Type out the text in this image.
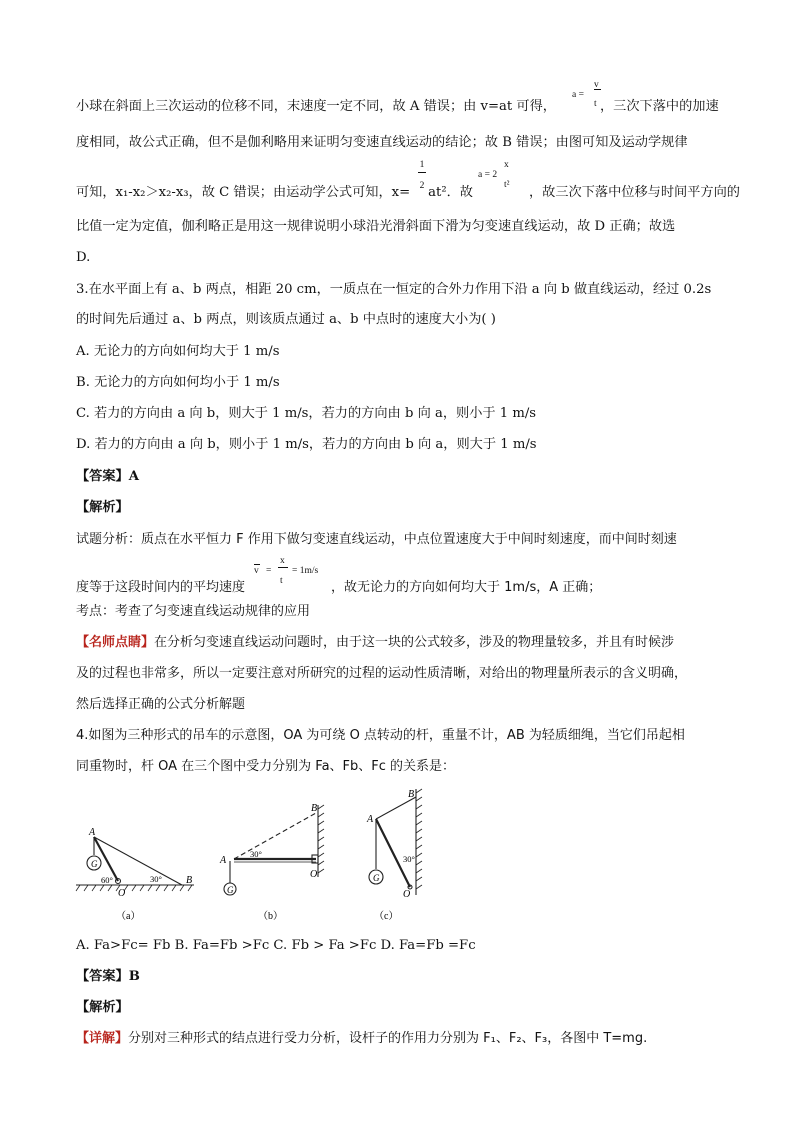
小球在斜面上三次运动的位移不同，末速度一定不同，故 A 错误；由 v=at 可得，
v
a =
t ，三次下落中的加速
度相同，故公式正确，但不是伽利略用来证明匀变速直线运动的结论；故 B 错误；由图可知及运动学规律
可知，x₁-x₂＞x₂-x₃，故 C 错误；由运动学公式可知，x= at²．故	，故三次下落中位移与时间平方向的
1
2
x
a = 2
t²
比值一定为定值，伽利略正是用这一规律说明小球沿光滑斜面下滑为匀变速直线运动，故 D 正确；故选
D.
3.在水平面上有 a、b 两点，相距 20 cm，一质点在一恒定的合外力作用下沿 a 向 b 做直线运动，经过 0.2s
的时间先后通过 a、b 两点，则该质点通过 a、b 中点时的速度大小为( )
A. 无论力的方向如何均大于 1 m/s
B. 无论力的方向如何均小于 1 m/s
C. 若力的方向由 a 向 b，则大于 1 m/s，若力的方向由 b 向 a，则小于 1 m/s
D. 若力的方向由 a 向 b，则小于 1 m/s，若力的方向由 b 向 a，则大于 1 m/s
【答案】A
【解析】
试题分析：质点在水平恒力 F 作用下做匀变速直线运动，中点位置速度大于中间时刻速度，而中间时刻速
度等于这段时间内的平均速度	，故无论力的方向如何均大于 1m/s，A 正确；
v =
x
t
= 1m/s
考点：考查了匀变速直线运动规律的应用
【名师点睛】在分析匀变速直线运动问题时，由于这一块的公式较多，涉及的物理量较多，并且有时候涉
及的过程也非常多，所以一定要注意对所研究的过程的运动性质清晰，对给出的物理量所表示的含义明确，
然后选择正确的公式分析解题
4.如图为三种形式的吊车的示意图，OA 为可绕 O 点转动的杆，重量不计，AB 为轻质细绳，当它们吊起相
同重物时，杆 OA 在三个图中受力分别为 Fa、Fb、Fc 的关系是：
A
G
O
B
60°	30°
（a）
A
G
O
B
30°
（b）
A
G
O
B
30°
（c）
A. Fa>Fc= Fb B. Fa=Fb >Fc C. Fb > Fa >Fc D. Fa=Fb =Fc
【答案】B
【解析】
【详解】分别对三种形式的结点进行受力分析，设杆子的作用力分别为 F₁、F₂、F₃，各图中 T=mg.
